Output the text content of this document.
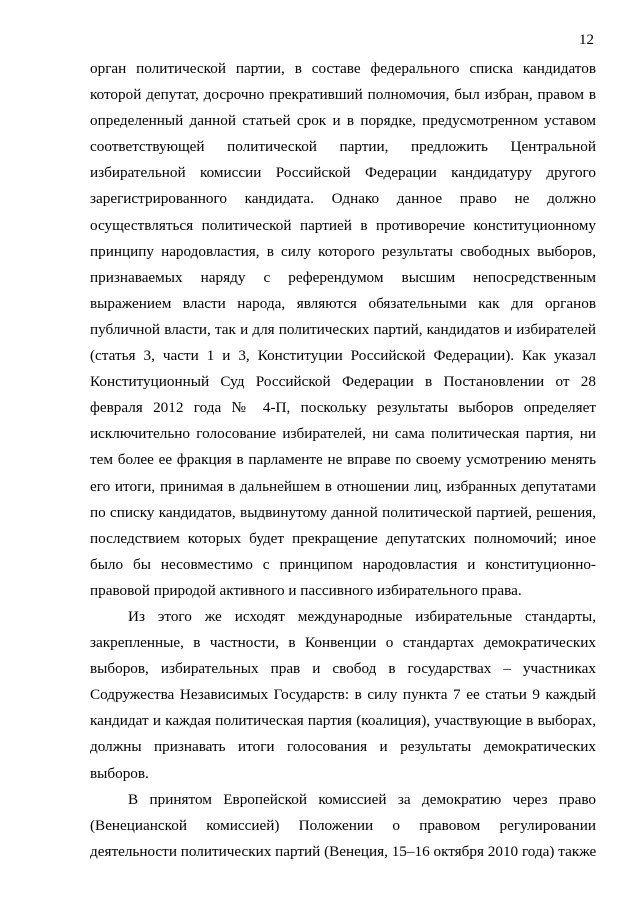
12
орган политической партии, в составе федерального списка кандидатов
которой депутат, досрочно прекративший полномочия, был избран, правом в
определенный данной статьей срок и в порядке, предусмотренном уставом
соответствующей политической партии, предложить Центральной
избирательной комиссии Российской Федерации кандидатуру другого
зарегистрированного кандидата. Однако данное право не должно
осуществляться политической партией в противоречие конституционному
принципу народовластия, в силу которого результаты свободных выборов,
признаваемых наряду с референдумом высшим непосредственным
выражением власти народа, являются обязательными как для органов
публичной власти, так и для политических партий, кандидатов и избирателей
(статья 3, части 1 и 3, Конституции Российской Федерации). Как указал
Конституционный Суд Российской Федерации в Постановлении от 28
февраля 2012 года № 4-П, поскольку результаты выборов определяет
исключительно голосование избирателей, ни сама политическая партия, ни
тем более ее фракция в парламенте не вправе по своему усмотрению менять
его итоги, принимая в дальнейшем в отношении лиц, избранных депутатами
по списку кандидатов, выдвинутому данной политической партией, решения,
последствием которых будет прекращение депутатских полномочий; иное
было бы несовместимо с принципом народовластия и конституционно-
правовой природой активного и пассивного избирательного права.
Из этого же исходят международные избирательные стандарты,
закрепленные, в частности, в Конвенции о стандартах демократических
выборов, избирательных прав и свобод в государствах – участниках
Содружества Независимых Государств: в силу пункта 7 ее статьи 9 каждый
кандидат и каждая политическая партия (коалиция), участвующие в выборах,
должны признавать итоги голосования и результаты демократических
выборов.
В принятом Европейской комиссией за демократию через право
(Венецианской комиссией) Положении о правовом регулировании
деятельности политических партий (Венеция, 15–16 октября 2010 года) также
